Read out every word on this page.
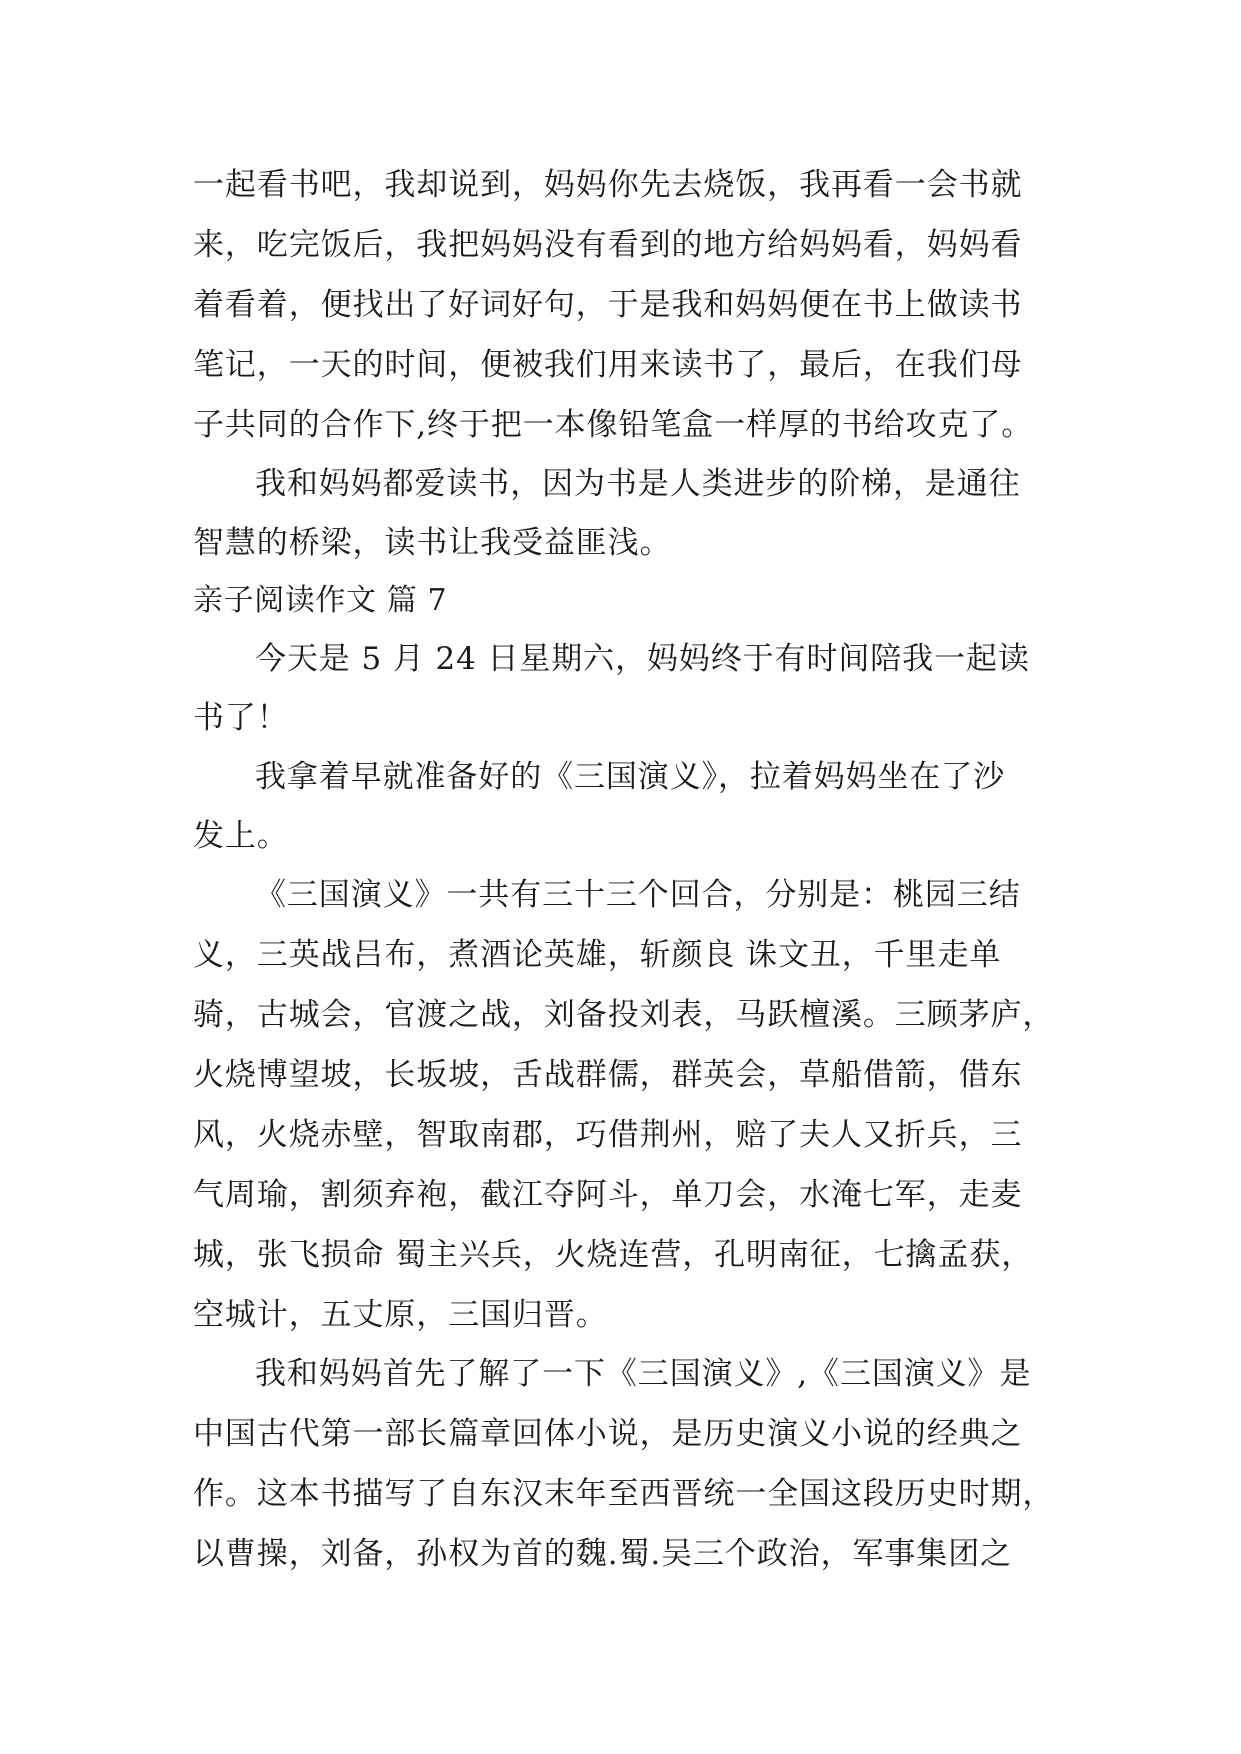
一起看书吧，我却说到，妈妈你先去烧饭，我再看一会书就
来，吃完饭后，我把妈妈没有看到的地方给妈妈看，妈妈看
着看着，便找出了好词好句，于是我和妈妈便在书上做读书
笔记，一天的时间，便被我们用来读书了，最后，在我们母
子共同的合作下,终于把一本像铅笔盒一样厚的书给攻克了。
我和妈妈都爱读书，因为书是人类进步的阶梯，是通往
智慧的桥梁，读书让我受益匪浅。
亲子阅读作文 篇 7
今天是 5 月 24 日星期六，妈妈终于有时间陪我一起读
书了！
我拿着早就准备好的《三国演义》，拉着妈妈坐在了沙
发上。
《三国演义》一共有三十三个回合，分别是：桃园三结
义，三英战吕布，煮酒论英雄，斩颜良 诛文丑，千里走单
骑，古城会，官渡之战，刘备投刘表，马跃檀溪。三顾茅庐，
火烧博望坡，长坂坡，舌战群儒，群英会，草船借箭，借东
风，火烧赤壁，智取南郡，巧借荆州，赔了夫人又折兵，三
气周瑜，割须弃袍，截江夺阿斗，单刀会，水淹七军，走麦
城，张飞损命 蜀主兴兵，火烧连营，孔明南征，七擒孟获，
空城计，五丈原，三国归晋。
我和妈妈首先了解了一下《三国演义》,《三国演义》是
中国古代第一部长篇章回体小说，是历史演义小说的经典之
作。这本书描写了自东汉末年至西晋统一全国这段历史时期，
以曹操，刘备，孙权为首的魏.蜀.吴三个政治，军事集团之
